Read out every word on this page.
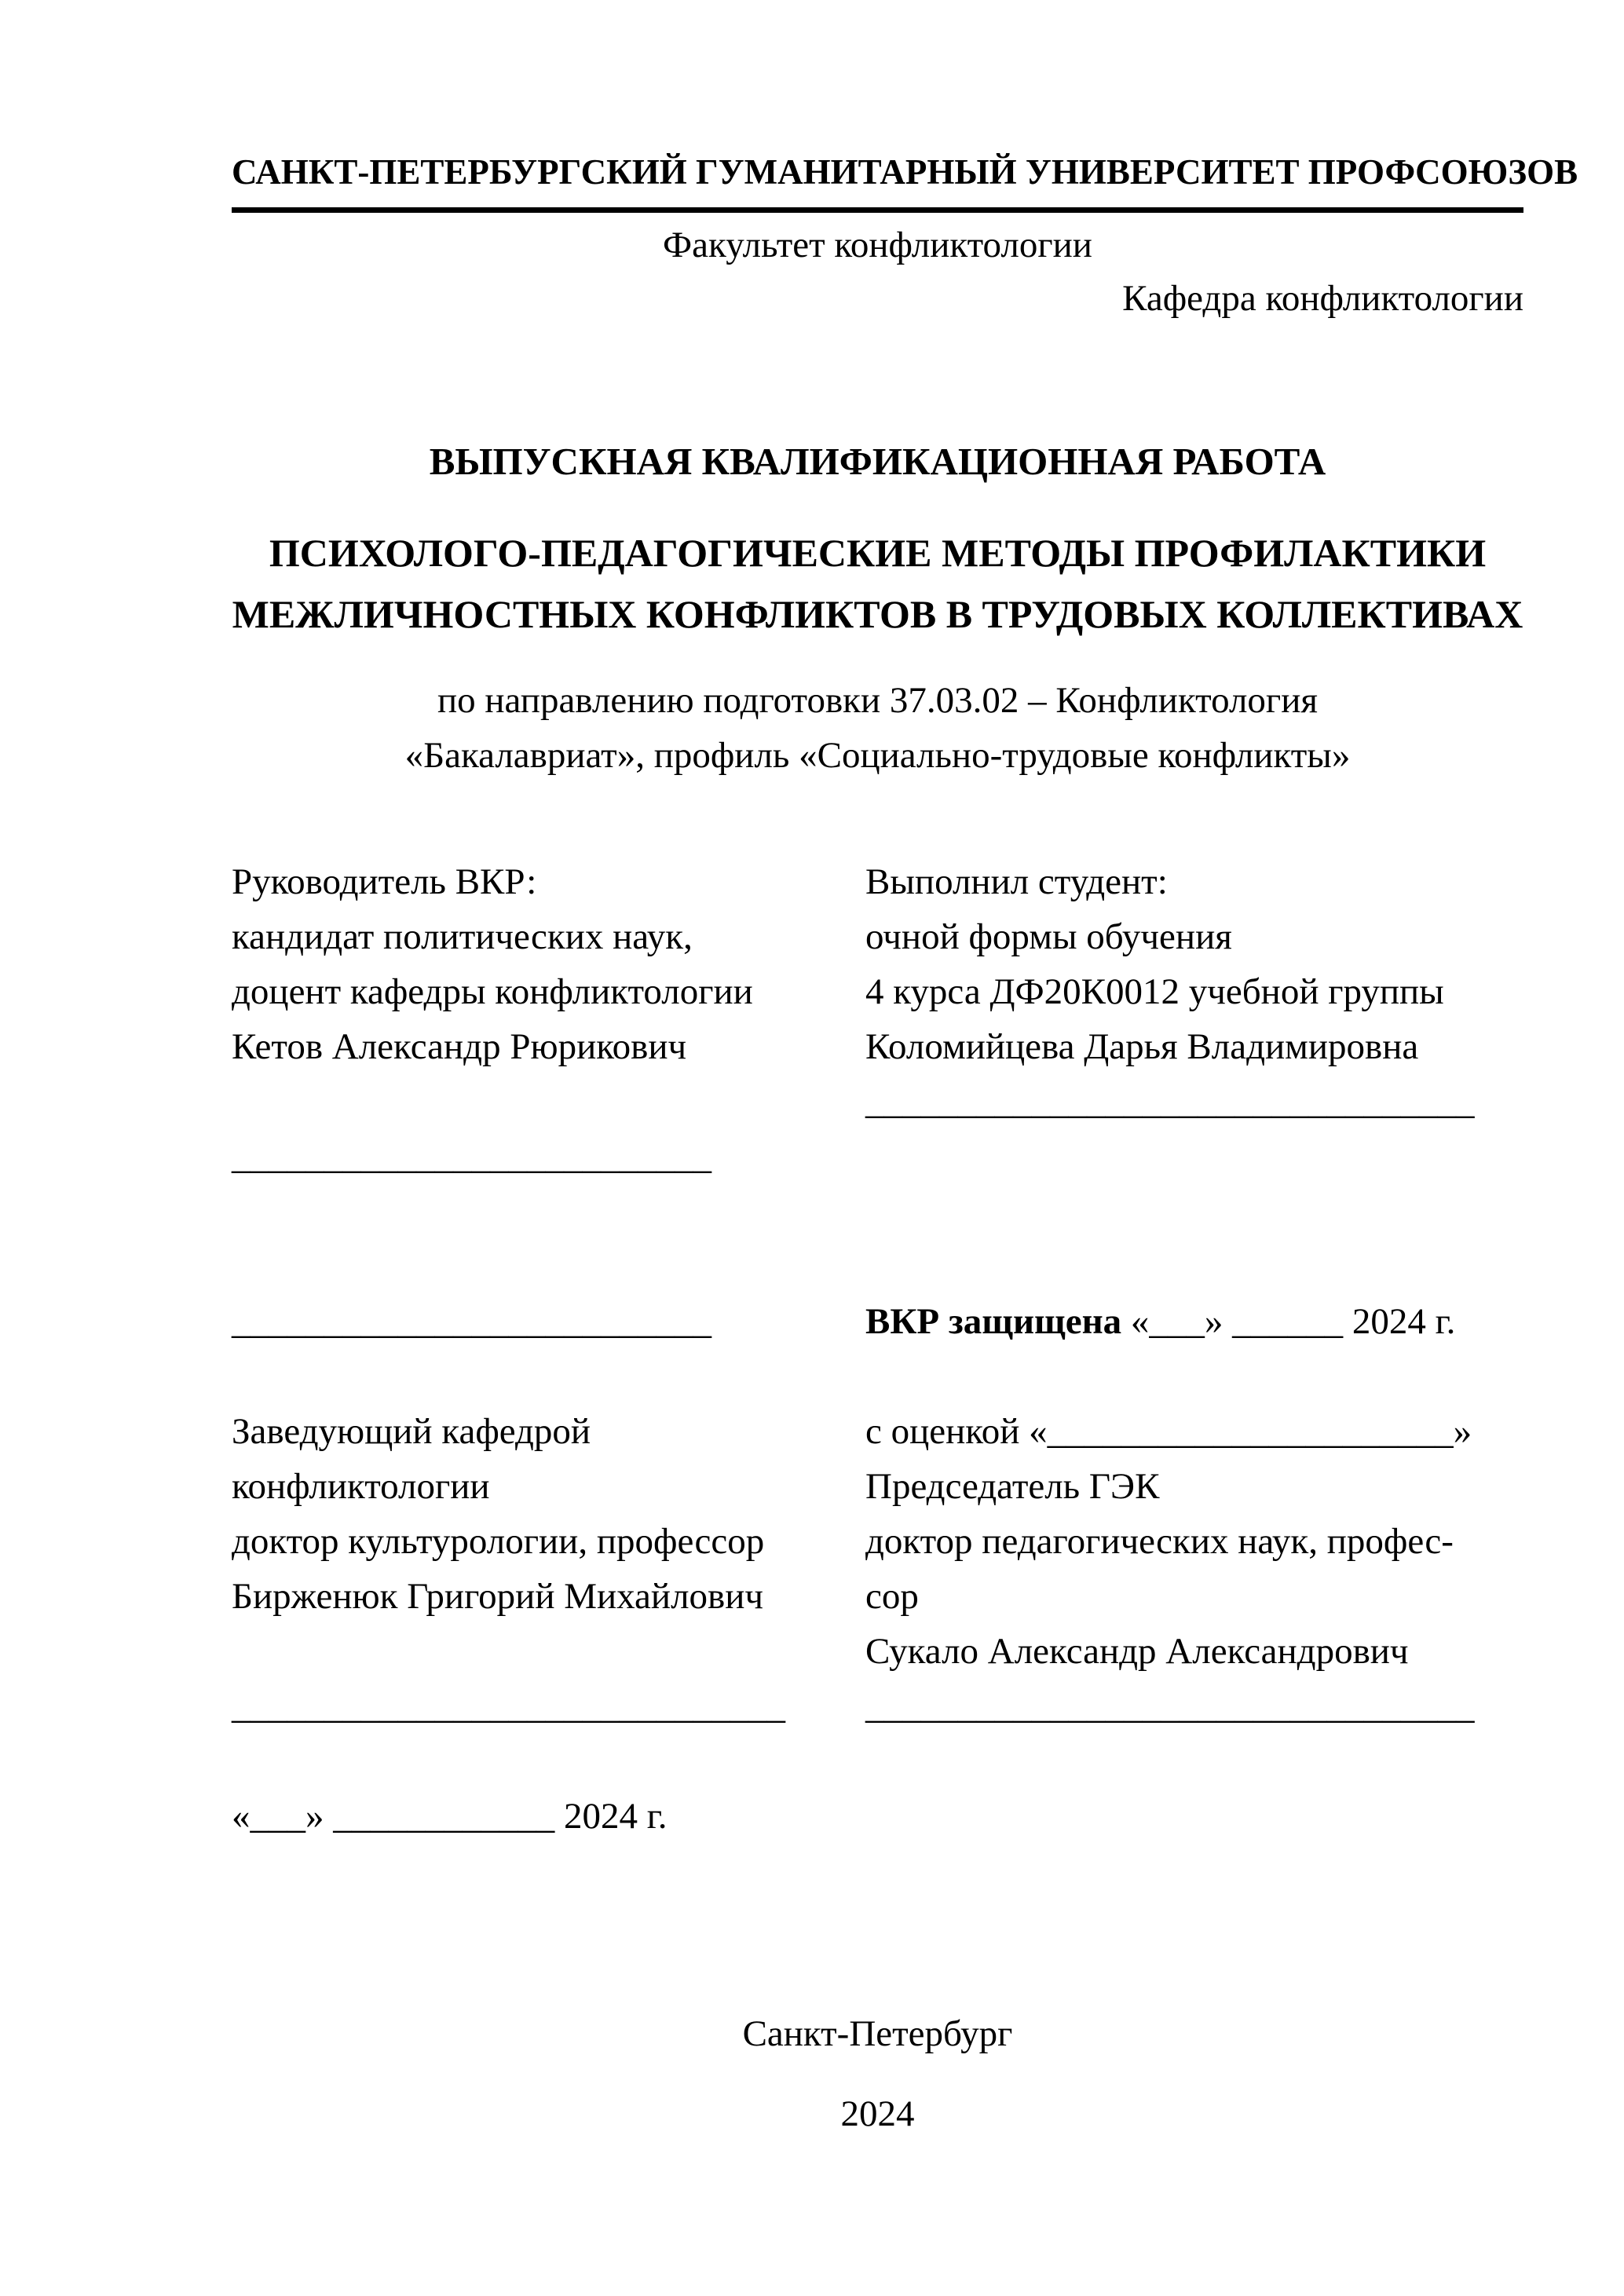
САНКТ-ПЕТЕРБУРГСКИЙ ГУМАНИТАРНЫЙ УНИВЕРСИТЕТ ПРОФСОЮЗОВ
Факультет конфликтологии
Кафедра конфликтологии
ВЫПУСКНАЯ КВАЛИФИКАЦИОННАЯ РАБОТА
ПСИХОЛОГО-ПЕДАГОГИЧЕСКИЕ МЕТОДЫ ПРОФИЛАКТИКИ
МЕЖЛИЧНОСТНЫХ КОНФЛИКТОВ В ТРУДОВЫХ КОЛЛЕКТИВАХ
по направлению подготовки 37.03.02 – Конфликтология
«Бакалавриат», профиль «Социально-трудовые конфликты»
Руководитель ВКР:	Выполнил студент:
кандидат политических наук,	очной формы обучения
доцент кафедры конфликтологии	4 курса ДФ20К0012 учебной группы
Кетов Александр Рюрикович	Коломийцева Дарья Владимировна
_________________________________
__________________________
__________________________	ВКР защищена «___» ______ 2024 г.
Заведующий кафедрой	с оценкой «______________________»
конфликтологии	Председатель ГЭК
доктор культурологии, профессор	доктор педагогических наук, профес-
Бирженюк Григорий Михайлович	сор
Сукало Александр Александрович
______________________________	_________________________________
«___» ____________ 2024 г.
Санкт-Петербург
2024
